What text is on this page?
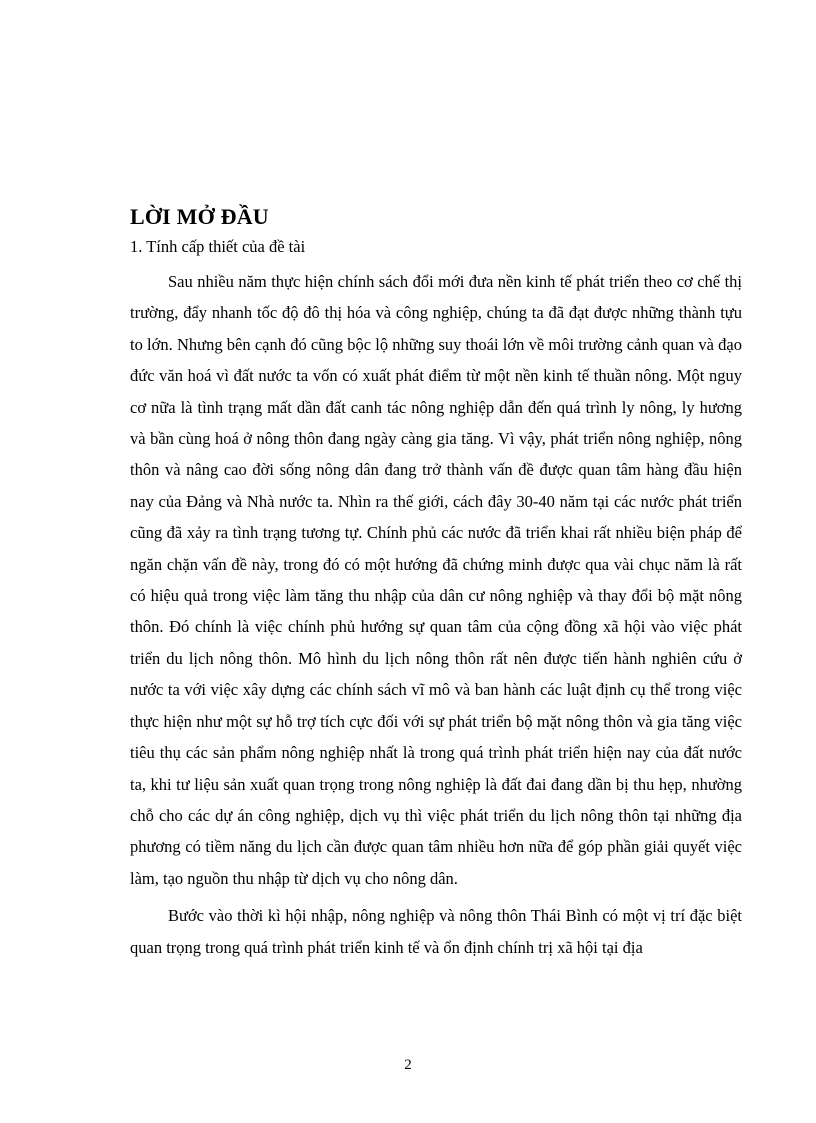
LỜI MỞ ĐẦU
1. Tính cấp thiết của đề tài

Sau nhiều năm thực hiện chính sách đổi mới đưa nền kinh tế phát triển theo cơ chế thị trường, đẩy nhanh tốc độ đô thị hóa và công nghiệp, chúng ta đã đạt được những thành tựu to lớn. Nhưng bên cạnh đó cũng bộc lộ những suy thoái lớn về môi trường cảnh quan và đạo đức văn hoá vì đất nước ta vốn có xuất phát điểm từ một nền kinh tế thuần nông. Một nguy cơ nữa là tình trạng mất dần đất canh tác nông nghiệp dẫn đến quá trình ly nông, ly hương và bần cùng hoá ở nông thôn đang ngày càng gia tăng. Vì vậy, phát triển nông nghiệp, nông thôn và nâng cao đời sống nông dân đang trở thành vấn đề được quan tâm hàng đầu hiện nay của Đảng và Nhà nước ta. Nhìn ra thế giới, cách đây 30-40 năm tại các nước phát triển cũng đã xảy ra tình trạng tương tự. Chính phủ các nước đã triển khai rất nhiều biện pháp để ngăn chặn vấn đề này, trong đó có một hướng đã chứng minh được qua vài chục năm là rất có hiệu quả trong việc làm tăng thu nhập của dân cư nông nghiệp và thay đổi bộ mặt nông thôn. Đó chính là việc chính phủ hướng sự quan tâm của cộng đồng xã hội vào việc phát triển du lịch nông thôn. Mô hình du lịch nông thôn rất nên được tiến hành nghiên cứu ở nước ta với việc xây dựng các chính sách vĩ mô và ban hành các luật định cụ thể trong việc thực hiện như một sự hỗ trợ tích cực đối với sự phát triển bộ mặt nông thôn và gia tăng việc tiêu thụ các sản phẩm nông nghiệp nhất là trong quá trình phát triển hiện nay của đất nước ta, khi tư liệu sản xuất quan trọng trong nông nghiệp là đất đai đang dần bị thu hẹp, nhường chỗ cho các dự án công nghiệp, dịch vụ thì việc phát triển du lịch nông thôn tại những địa phương có tiềm năng du lịch cần được quan tâm nhiều hơn nữa để góp phần giải quyết việc làm, tạo nguồn thu nhập từ dịch vụ cho nông dân.

Bước vào thời kì hội nhập, nông nghiệp và nông thôn Thái Bình có một vị trí đặc biệt quan trọng trong quá trình phát triển kinh tế và ổn định chính trị xã hội tại địa

2
